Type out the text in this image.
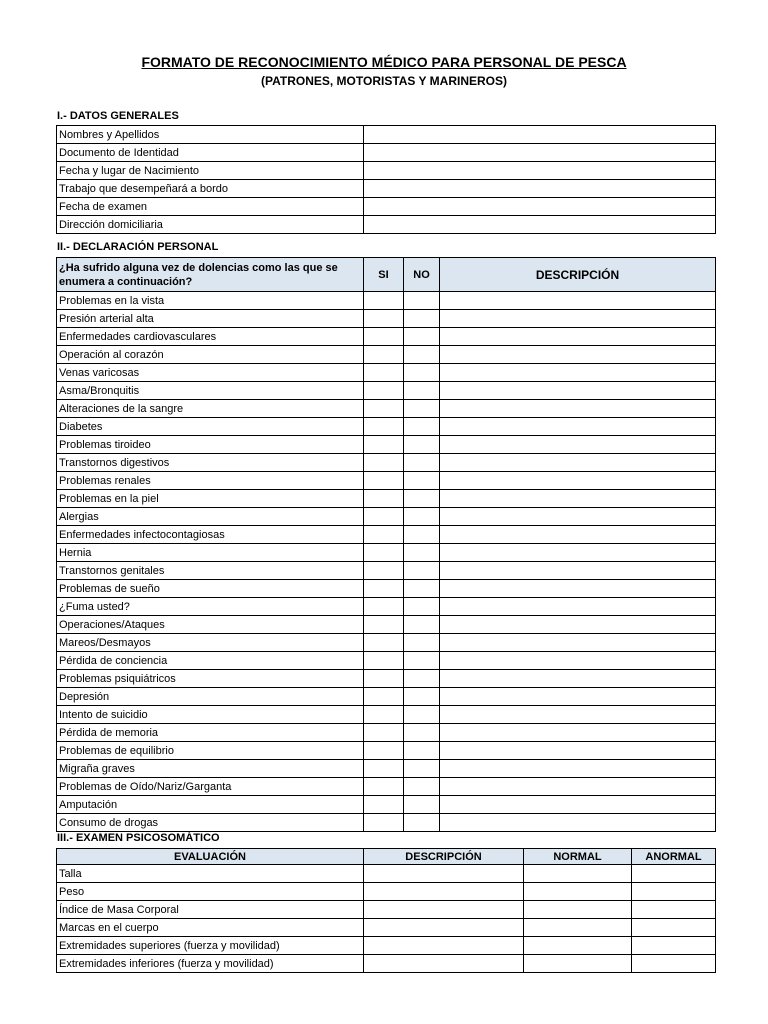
FORMATO DE RECONOCIMIENTO MÉDICO PARA PERSONAL DE PESCA
(PATRONES, MOTORISTAS Y MARINEROS)
I.- DATOS GENERALES
Nombres y Apellidos	
Documento de Identidad	
Fecha y lugar de Nacimiento	
Trabajo que desempeñará a bordo	
Fecha de examen	
Dirección domiciliaria	
II.- DECLARACIÓN PERSONAL
¿Ha sufrido alguna vez de dolencias como las que se enumera a continuación?	SI	NO	DESCRIPCIÓN
Problemas en la vista			
Presión arterial alta			
Enfermedades cardiovasculares			
Operación al corazón			
Venas varicosas			
Asma/Bronquitis			
Alteraciones de la sangre			
Diabetes			
Problemas tiroideo			
Transtornos digestivos			
Problemas renales			
Problemas en la piel			
Alergias			
Enfermedades infectocontagiosas			
Hernia			
Transtornos genitales			
Problemas de sueño			
¿Fuma usted?			
Operaciones/Ataques			
Mareos/Desmayos			
Pérdida de conciencia			
Problemas psiquiátricos			
Depresión			
Intento de suicidio			
Pérdida de memoria			
Problemas de equilibrio			
Migraña graves			
Problemas de Oído/Nariz/Garganta			
Amputación			
Consumo de drogas			
III.- EXAMEN PSICOSOMÁTICO
EVALUACIÓN	DESCRIPCIÓN	NORMAL	ANORMAL
Talla			
Peso			
Índice de Masa Corporal			
Marcas en el cuerpo			
Extremidades superiores (fuerza y movilidad)			
Extremidades inferiores (fuerza y movilidad)			
